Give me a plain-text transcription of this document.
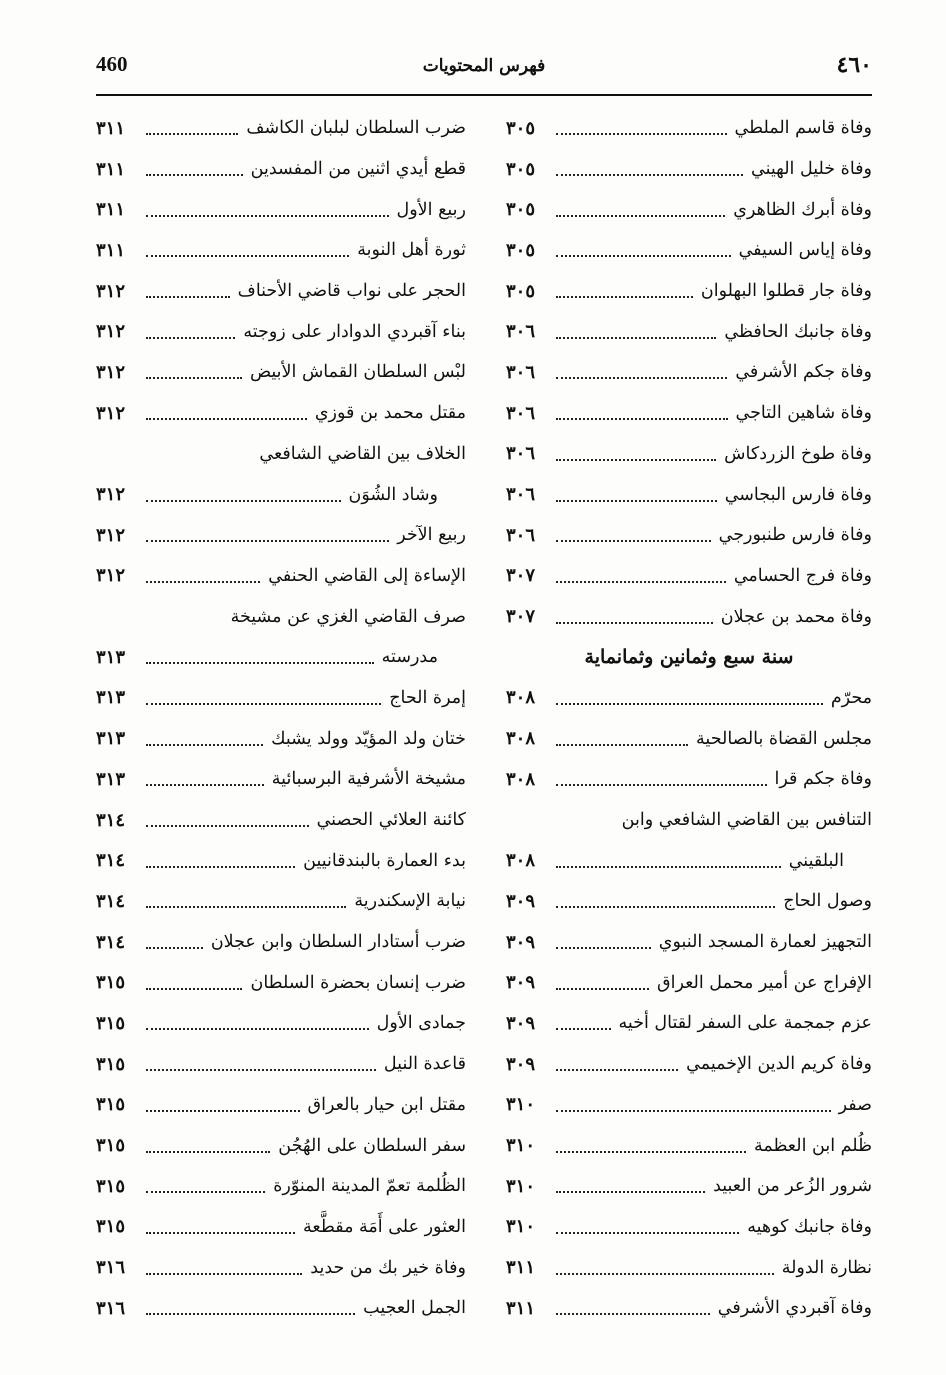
460	فهرس المحتويات	٤٦٠
وفاة قاسم الملطي
٣٠٥
وفاة خليل الهيني
٣٠٥
وفاة أبرك الظاهري
٣٠٥
وفاة إياس السيفي
٣٠٥
وفاة جار قطلوا البهلوان
٣٠٥
وفاة جانبك الحافظي
٣٠٦
وفاة جكم الأشرفي
٣٠٦
وفاة شاهين التاجي
٣٠٦
وفاة طوخ الزردكاش
٣٠٦
وفاة فارس البجاسي
٣٠٦
وفاة فارس طنبورجي
٣٠٦
وفاة فرج الحسامي
٣٠٧
وفاة محمد بن عجلان
٣٠٧
سنة سبع وثمانين وثمانماية
محرّم
٣٠٨
مجلس القضاة بالصالحية
٣٠٨
وفاة جكم قرا
٣٠٨
التنافس بين القاضي الشافعي وابن
البلقيني
٣٠٨
وصول الحاج
٣٠٩
التجهيز لعمارة المسجد النبوي
٣٠٩
الإفراج عن أمير محمل العراق
٣٠٩
عزم جمجمة على السفر لقتال أخيه
٣٠٩
وفاة كريم الدين الإخميمي
٣٠٩
صفر
٣١٠
ظُلم ابن العظمة
٣١٠
شرور الزُعر من العبيد
٣١٠
وفاة جانبك كوهيه
٣١٠
نظارة الدولة
٣١١
وفاة آقبردي الأشرفي
٣١١
ضرب السلطان لبلبان الكاشف
٣١١
قطع أيدي اثنين من المفسدين
٣١١
ربيع الأول
٣١١
ثورة أهل النوبة
٣١١
الحجر على نواب قاضي الأحناف
٣١٢
بناء آقبردي الدوادار على زوجته
٣١٢
لبْس السلطان القماش الأبيض
٣١٢
مقتل محمد بن قوزي
٣١٢
الخلاف بين القاضي الشافعي
وشاد الشُوَن
٣١٢
ربيع الآخر
٣١٢
الإساءة إلى القاضي الحنفي
٣١٢
صرف القاضي الغزي عن مشيخة
مدرسته
٣١٣
إمرة الحاج
٣١٣
ختان ولد المؤيّد وولد يشبك
٣١٣
مشيخة الأشرفية البرسبائية
٣١٣
كائنة العلائي الحصني
٣١٤
بدء العمارة بالبندقانيين
٣١٤
نيابة الإسكندرية
٣١٤
ضرب أستادار السلطان وابن عجلان
٣١٤
ضرب إنسان بحضرة السلطان
٣١٥
جمادى الأول
٣١٥
قاعدة النيل
٣١٥
مقتل ابن حيار بالعراق
٣١٥
سفر السلطان على الهُجُن
٣١٥
الظُلمة تعمّ المدينة المنوّرة
٣١٥
العثور على أَمَة مقطَّعة
٣١٥
وفاة خير بك من حديد
٣١٦
الجمل العجيب
٣١٦
